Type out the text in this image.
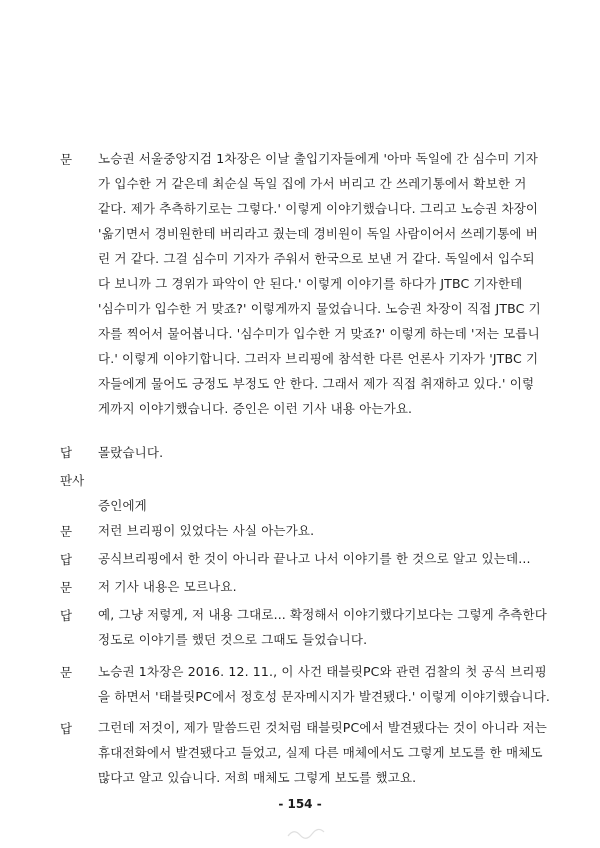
문 노승권 서울중앙지검 1차장은 이날 출입기자들에게 '아마 독일에 간 심수미 기자
가 입수한 거 같은데 최순실 독일 집에 가서 버리고 간 쓰레기통에서 확보한 거
같다. 제가 추측하기로는 그렇다.' 이렇게 이야기했습니다. 그리고 노승권 차장이
'옮기면서 경비원한테 버리라고 줬는데 경비원이 독일 사람이어서 쓰레기통에 버
린 거 같다. 그걸 심수미 기자가 주워서 한국으로 보낸 거 같다. 독일에서 입수되
다 보니까 그 경위가 파악이 안 된다.' 이렇게 이야기를 하다가 JTBC 기자한테
'심수미가 입수한 거 맞죠?' 이렇게까지 물었습니다. 노승권 차장이 직접 JTBC 기
자를 찍어서 물어봅니다. '심수미가 입수한 거 맞죠?' 이렇게 하는데 '저는 모릅니
다.' 이렇게 이야기합니다. 그러자 브리핑에 참석한 다른 언론사 기자가 'JTBC 기
자들에게 물어도 긍정도 부정도 안 한다. 그래서 제가 직접 취재하고 있다.' 이렇
게까지 이야기했습니다. 증인은 이런 기사 내용 아는가요.
답 몰랐습니다.
판사
증인에게
문 저런 브리핑이 있었다는 사실 아는가요.
답 공식브리핑에서 한 것이 아니라 끝나고 나서 이야기를 한 것으로 알고 있는데...
문 저 기사 내용은 모르나요.
답 예, 그냥 저렇게, 저 내용 그대로... 확정해서 이야기했다기보다는 그렇게 추측한다
정도로 이야기를 했던 것으로 그때도 들었습니다.
문 노승권 1차장은 2016. 12. 11., 이 사건 태블릿PC와 관련 검찰의 첫 공식 브리핑
을 하면서 '태블릿PC에서 정호성 문자메시지가 발견됐다.' 이렇게 이야기했습니다.
답 그런데 저것이, 제가 말씀드린 것처럼 태블릿PC에서 발견됐다는 것이 아니라 저는
휴대전화에서 발견됐다고 들었고, 실제 다른 매체에서도 그렇게 보도를 한 매체도
많다고 알고 있습니다. 저희 매체도 그렇게 보도를 했고요.
- 154 -
